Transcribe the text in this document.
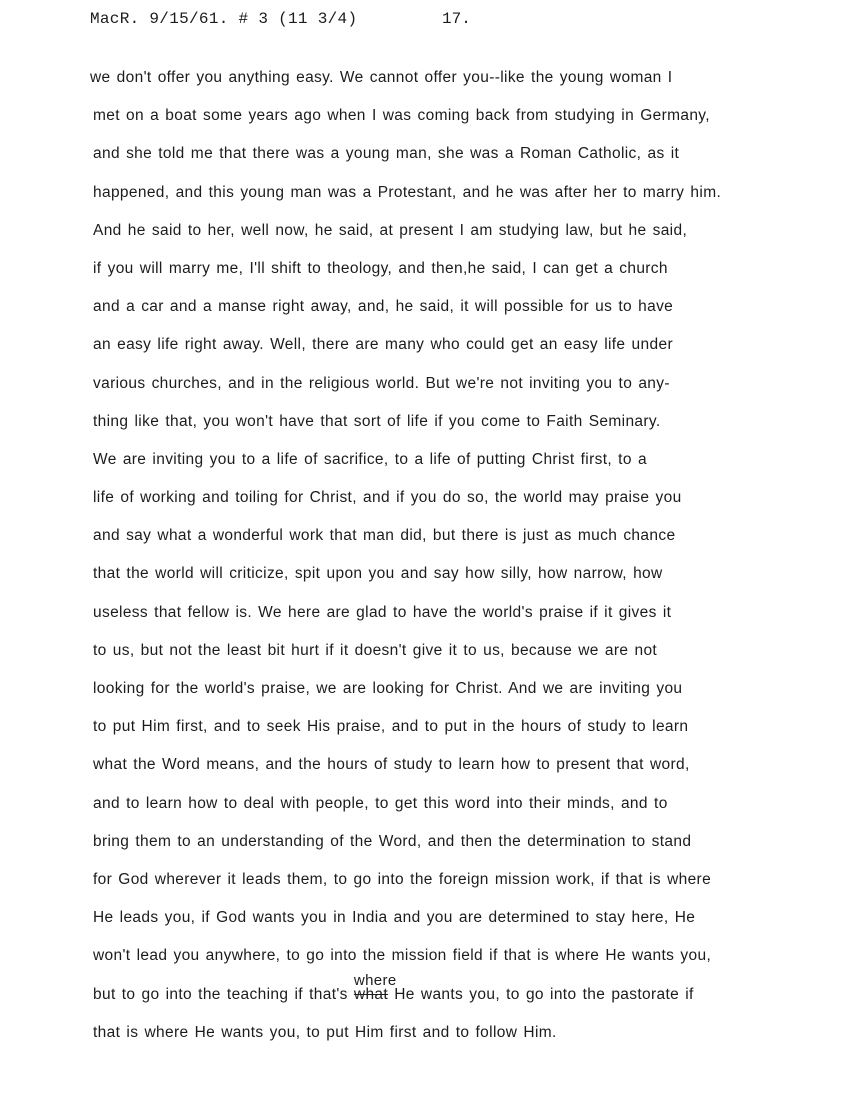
MacR. 9/15/61. # 3 (11 3/4)	17.
we don't offer you anything easy. We cannot offer you--like the young woman I
met on a boat some years ago when I was coming back from studying in Germany,
and she told me that there was a young man, she was a Roman Catholic, as it
happened, and this young man was a Protestant, and he was after her to marry him.
And he said to her, well now, he said, at present I am studying law, but he said,
if you will marry me, I'll shift to theology, and then,he said, I can get a church
and a car and a manse right away, and, he said, it will possible for us to have
an easy life right away. Well, there are many who could get an easy life under
various churches, and in the religious world. But we're not inviting you to any-
thing like that, you won't have that sort of life if you come to Faith Seminary.
We are inviting you to a life of sacrifice, to a life of putting Christ first, to a
life of working and toiling for Christ, and if you do so, the world may praise you
and say what a wonderful work that man did, but there is just as much chance
that the world will criticize, spit upon you and say how silly, how narrow, how
useless that fellow is. We here are glad to have the world's praise if it gives it
to us, but not the least bit hurt if it doesn't give it to us, because we are not
looking for the world's praise, we are looking for Christ. And we are inviting you
to put Him first, and to seek His praise, and to put in the hours of study to learn
what the Word means, and the hours of study to learn how to present that word,
and to learn how to deal with people, to get this word into their minds, and to
bring them to an understanding of the Word, and then the determination to stand
for God wherever it leads them, to go into the foreign mission work, if that is where
He leads you, if God wants you in India and you are determined to stay here, He
won't lead you anywhere, to go into the mission field if that is where He wants you,
but to go into the teaching if that's
where
what He wants you, to go into the pastorate if
that is where He wants you, to put Him first and to follow Him.
